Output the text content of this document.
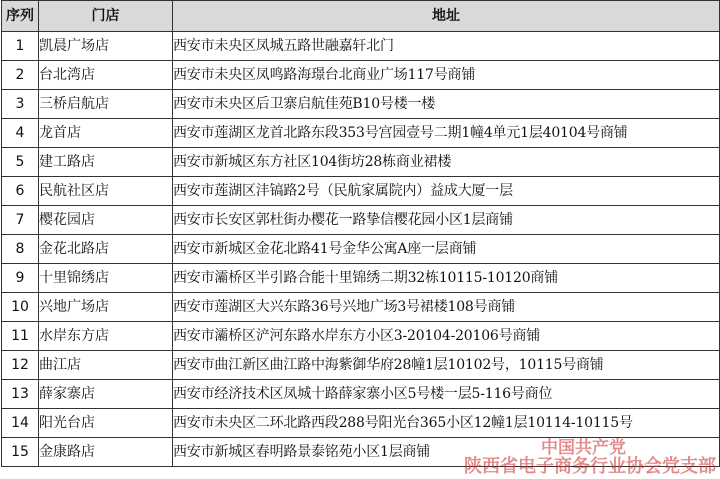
序列	门店	地址
1	凯晨广场店	西安市未央区凤城五路世融嘉轩北门
2	台北湾店	西安市未央区凤鸣路海璟台北商业广场117号商铺
3	三桥启航店	西安市未央区后卫寨启航佳苑B10号楼一楼
4	龙首店	西安市莲湖区龙首北路东段353号宫园壹号二期1幢4单元1层40104号商铺
5	建工路店	西安市新城区东方社区104街坊28栋商业裙楼
6	民航社区店	西安市莲湖区沣镐路2号（民航家属院内）益成大厦一层
7	樱花园店	西安市长安区郭杜街办樱花一路挚信樱花园小区1层商铺
8	金花北路店	西安市新城区金花北路41号金华公寓A座一层商铺
9	十里锦绣店	西安市灞桥区半引路合能十里锦绣二期32栋10115-10120商铺
10	兴地广场店	西安市莲湖区大兴东路36号兴地广场3号裙楼108号商铺
11	水岸东方店	西安市灞桥区浐河东路水岸东方小区3-20104-20106号商铺
12	曲江店	西安市曲江新区曲江路中海紫御华府28幢1层10102号，10115号商铺
13	薛家寨店	西安市经济技术区凤城十路薛家寨小区5号楼一层5-116号商位
14	阳光台店	西安市未央区二环北路西段288号阳光台365小区12幢1层10114-10115号
15	金康路店	西安市新城区春明路景泰铭苑小区1层商铺	中国共产党
陕西省电子商务行业协会党支部
